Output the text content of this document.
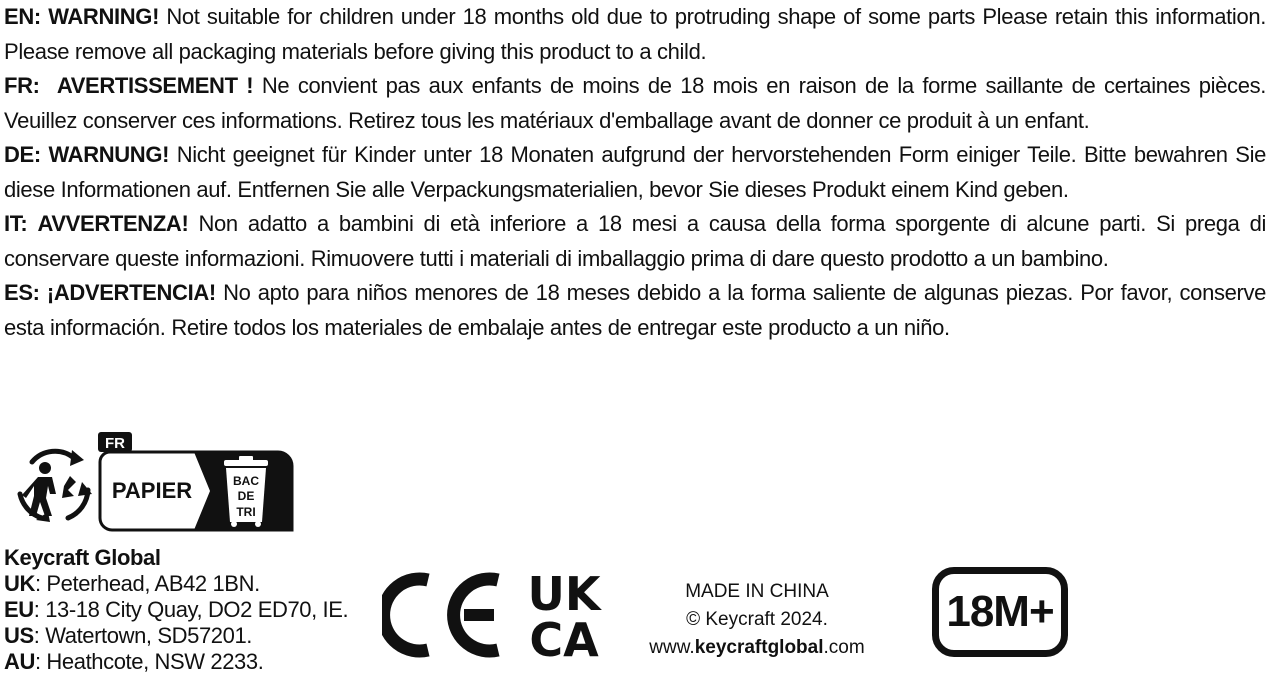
EN: WARNING! Not suitable for children under 18 months old due to protruding shape of some parts Please retain this information. Please remove all packaging materials before giving this product to a child.

FR: AVERTISSEMENT ! Ne convient pas aux enfants de moins de 18 mois en raison de la forme saillante de certaines pièces. Veuillez conserver ces informations. Retirez tous les matériaux d'emballage avant de donner ce produit à un enfant.

DE: WARNUNG! Nicht geeignet für Kinder unter 18 Monaten aufgrund der hervorstehenden Form einiger Teile. Bitte bewahren Sie diese Informationen auf. Entfernen Sie alle Verpackungsmaterialien, bevor Sie dieses Produkt einem Kind geben.

IT: AVVERTENZA! Non adatto a bambini di età inferiore a 18 mesi a causa della forma sporgente di alcune parti. Si prega di conservare queste informazioni. Rimuovere tutti i materiali di imballaggio prima di dare questo prodotto a un bambino.

ES: ¡ADVERTENCIA! No apto para niños menores de 18 meses debido a la forma saliente de algunas piezas. Por favor, conserve esta información. Retire todos los materiales de embalaje antes de entregar este producto a un niño.

FR
PAPIER	BAC
DE
TRI
Keycraft Global
UK: Peterhead, AB42 1BN.
EU: 13-18 City Quay, DO2 ED70, IE.
US: Watertown, SD57201.
AU: Heathcote, NSW 2233.
UK
CA
MADE IN CHINA
© Keycraft 2024.
www.keycraftglobal.com
18M+
